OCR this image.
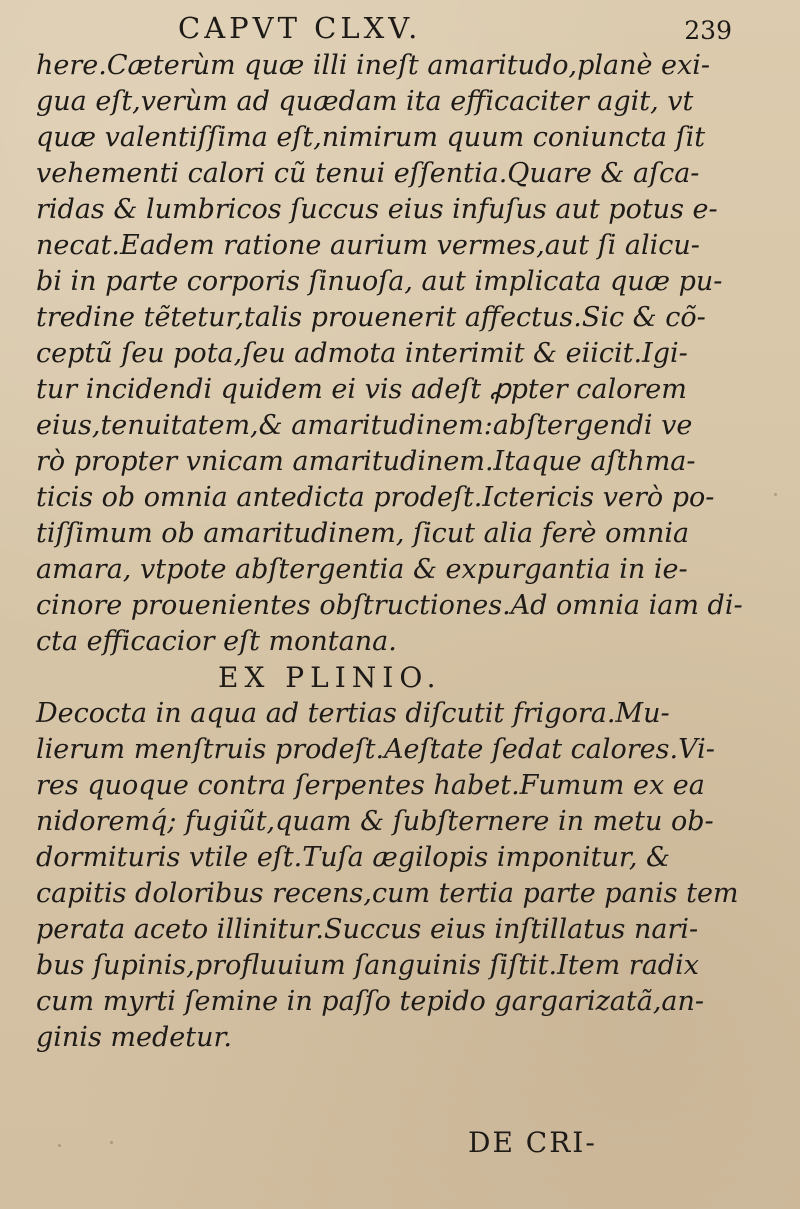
CAPVT CLXV.	239
here.Cæterùm quæ illi ineſt amaritudo,planè exi-
gua eſt,verùm ad quædam ita efficaciter agit, vt
quæ valentiſſima eſt,nimirum quum coniuncta ſit
vehementi calori cũ tenui eſſentia.Quare & aſca-
ridas & lumbricos ſuccus eius infuſus aut potus e-
necat.Eadem ratione aurium vermes,aut ſi alicu-
bi in parte corporis ſinuoſa, aut implicata quæ pu-
tredine tẽtetur,talis prouenerit affectus.Sic & cõ-
ceptũ ſeu pota,ſeu admota interimit & eiicit.Igi-
tur incidendi quidem ei vis adeſt ꝓpter calorem
eius,tenuitatem,& amaritudinem:abſtergendi ve
rò propter vnicam amaritudinem.Itaque aſthma-
ticis ob omnia antedicta prodeſt.Ictericis verò po-
tiſſimum ob amaritudinem, ſicut alia ferè omnia
amara, vtpote abſtergentia & expurgantia in ie-
cinore prouenientes obſtructiones.Ad omnia iam di-
cta efficacior eſt montana.
EX PLINIO.
Decocta in aqua ad tertias diſcutit frigora.Mu-
lierum menſtruis prodeſt.Aeſtate ſedat calores.Vi-
res quoque contra ſerpentes habet.Fumum ex ea
nidoremq́; fugiũt,quam & ſubſternere in metu ob-
dormituris vtile eſt.Tuſa ægilopis imponitur, &
capitis doloribus recens,cum tertia parte panis tem
perata aceto illinitur.Succus eius inſtillatus nari-
bus ſupinis,profluuium ſanguinis ſiſtit.Item radix
cum myrti ſemine in paſſo tepido gargarizatã,an-
ginis medetur.
DE CRI-
